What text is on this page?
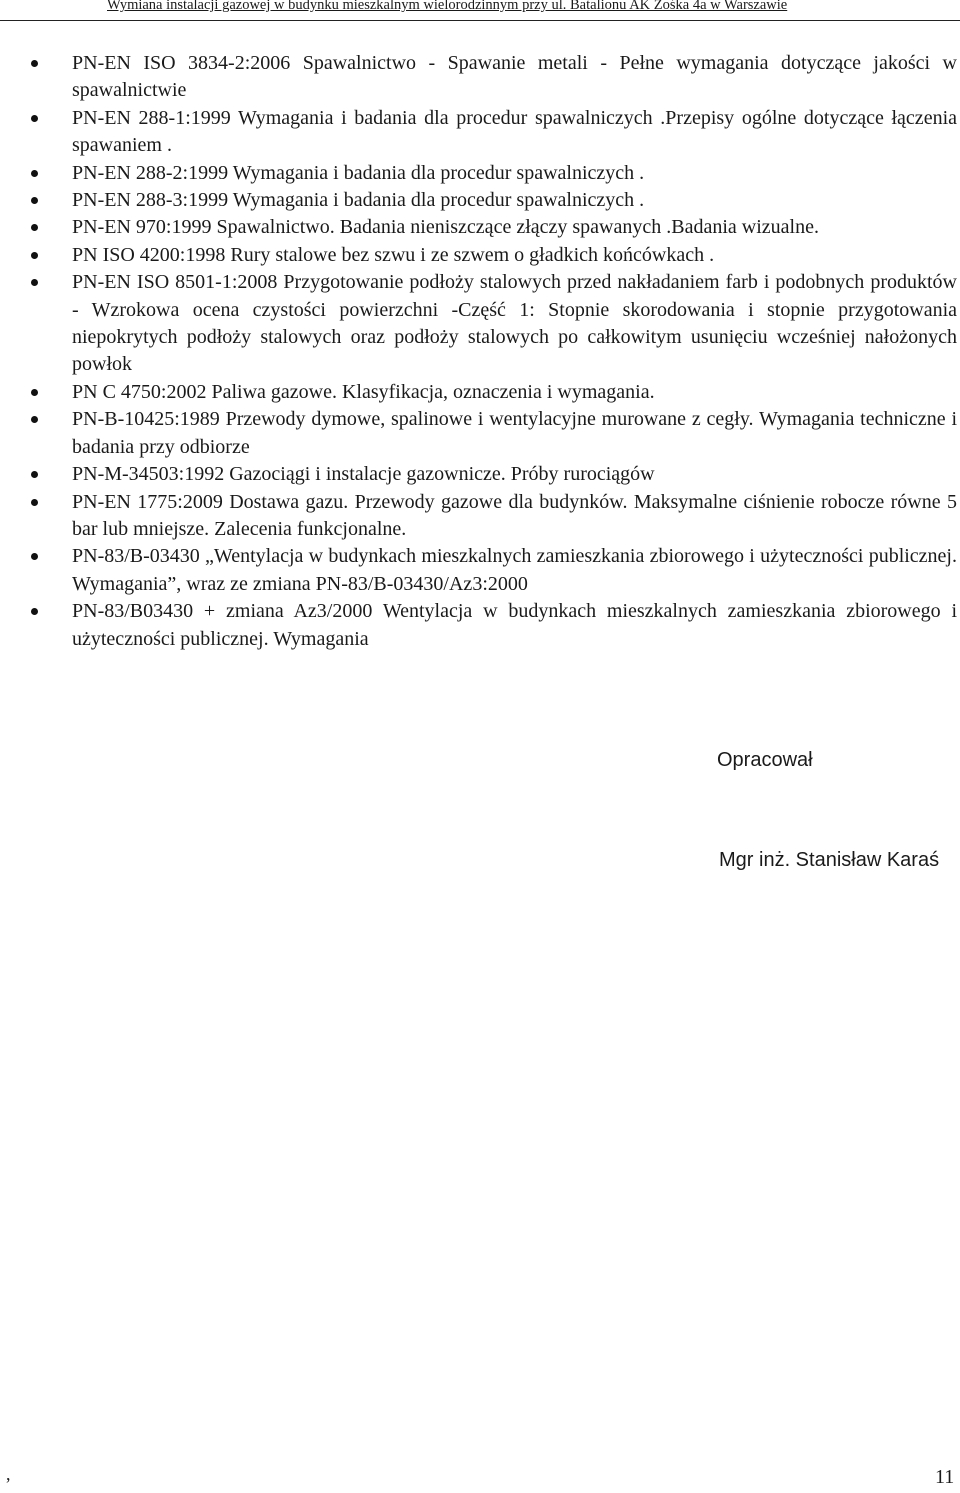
Wymiana instalacji gazowej w budynku mieszkalnym wielorodzinnym przy ul. Batalionu AK Zośka 4a w Warszawie
PN-EN ISO 3834-2:2006 Spawalnictwo - Spawanie metali - Pełne wymagania dotyczące jakości w spawalnictwie
PN-EN 288-1:1999 Wymagania i badania dla procedur spawalniczych .Przepisy ogólne dotyczące łączenia spawaniem .
PN-EN 288-2:1999 Wymagania i badania dla procedur spawalniczych .
PN-EN 288-3:1999 Wymagania i badania dla procedur spawalniczych .
PN-EN 970:1999 Spawalnictwo. Badania nieniszczące złączy spawanych .Badania wizualne.
PN ISO 4200:1998 Rury stalowe bez szwu i ze szwem o gładkich końcówkach .
PN-EN ISO 8501-1:2008 Przygotowanie podłoży stalowych przed nakładaniem farb i podobnych produktów - Wzrokowa ocena czystości powierzchni -Część 1: Stopnie skorodowania i stopnie przygotowania niepokrytych podłoży stalowych oraz podłoży stalowych po całkowitym usunięciu wcześniej nałożonych powłok
PN C 4750:2002 Paliwa gazowe. Klasyfikacja, oznaczenia i wymagania.
PN-B-10425:1989 Przewody dymowe, spalinowe i wentylacyjne murowane z cegły. Wymagania techniczne i badania przy odbiorze
PN-M-34503:1992 Gazociągi i instalacje gazownicze. Próby rurociągów
PN-EN 1775:2009 Dostawa gazu. Przewody gazowe dla budynków. Maksymalne ciśnienie robocze równe 5 bar lub mniejsze. Zalecenia funkcjonalne.
PN-83/B-03430 „Wentylacja w budynkach mieszkalnych zamieszkania zbiorowego i użyteczności publicznej. Wymagania”, wraz ze zmiana PN-83/B-03430/Az3:2000
PN-83/B03430 + zmiana Az3/2000 Wentylacja w budynkach mieszkalnych zamieszkania zbiorowego i użyteczności publicznej. Wymagania
Opracował
Mgr inż. Stanisław Karaś
,	11
